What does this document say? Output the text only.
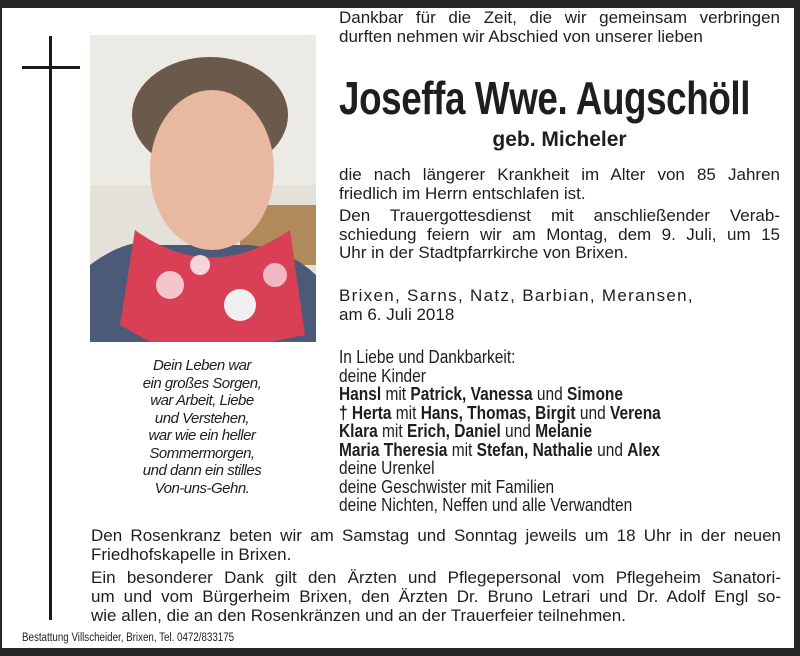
Dein Leben war
ein großes Sorgen,
war Arbeit, Liebe
und Verstehen,
war wie ein heller
Sommermorgen,
und dann ein stilles
Von-uns-Gehn.
Dankbar für die Zeit, die wir gemeinsam verbringen
durften nehmen wir Abschied von unserer lieben
Joseffa Wwe. Augschöll
geb. Micheler
die nach längerer Krankheit im Alter von 85 Jahren
friedlich im Herrn entschlafen ist.
Den Trauergottesdienst mit anschließender Verab-
schiedung feiern wir am Montag, dem 9. Juli, um 15
Uhr in der Stadtpfarrkirche von Brixen.
Brixen, Sarns, Natz, Barbian, Meransen,
am 6. Juli 2018
In Liebe und Dankbarkeit:
deine Kinder
Hansl mit Patrick, Vanessa und Simone
† Herta mit Hans, Thomas, Birgit und Verena
Klara mit Erich, Daniel und Melanie
Maria Theresia mit Stefan, Nathalie und Alex
deine Urenkel
deine Geschwister mit Familien
deine Nichten, Neffen und alle Verwandten
Den Rosenkranz beten wir am Samstag und Sonntag jeweils um 18 Uhr in der neuen
Friedhofskapelle in Brixen.
Ein besonderer Dank gilt den Ärzten und Pflegepersonal vom Pflegeheim Sanatori-
um und vom Bürgerheim Brixen, den Ärzten Dr. Bruno Letrari und Dr. Adolf Engl so-
wie allen, die an den Rosenkränzen und an der Trauerfeier teilnehmen.
Bestattung Villscheider, Brixen, Tel. 0472/833175
